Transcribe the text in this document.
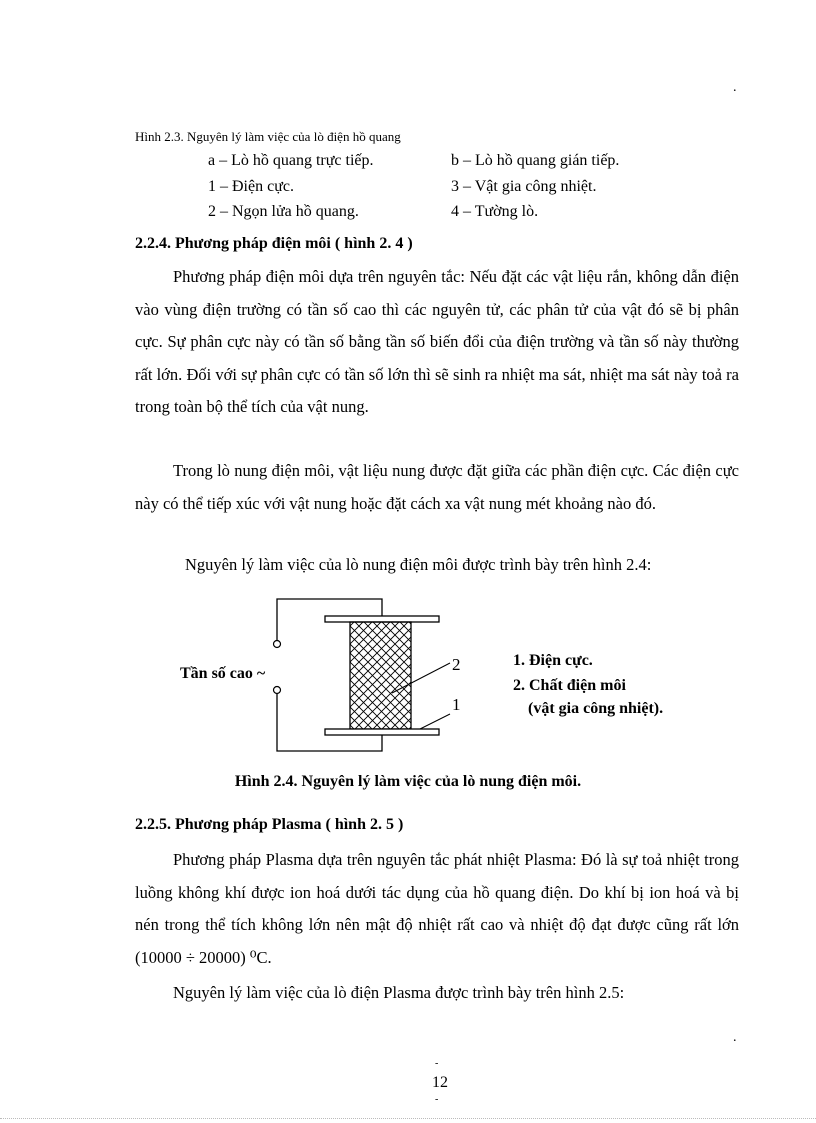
.
Hình 2.3. Nguyên lý làm việc của lò điện hồ quang
a – Lò hồ quang trực tiếp.	b – Lò hồ quang gián tiếp.
1 – Điện cực.	3 – Vật gia công nhiệt.
2 – Ngọn lửa hồ quang.	4 – Tường lò.
2.2.4. Phương pháp điện môi ( hình 2. 4 )

Phương pháp điện môi dựa trên nguyên tắc: Nếu đặt các vật liệu rắn, không dẫn điện vào vùng điện trường có tần số cao thì các nguyên tử, các phân tử của vật đó sẽ bị phân cực. Sự phân cực này có tần số bằng tần số biến đổi của điện trường và tần số này thường rất lớn. Đối với sự phân cực có tần số lớn thì sẽ sinh ra nhiệt ma sát, nhiệt ma sát này toả ra trong toàn bộ thể tích của vật nung.

Trong lò nung điện môi, vật liệu nung được đặt giữa các phần điện cực. Các điện cực này có thể tiếp xúc với vật nung hoặc đặt cách xa vật nung mét khoảng nào đó.

Nguyên lý làm việc của lò nung điện môi được trình bày trên hình 2.4:
Tần số cao ~	2
1
1. Điện cực.
2. Chất điện môi
(vật gia công nhiệt).
Hình 2.4. Nguyên lý làm việc của lò nung điện môi.
2.2.5. Phương pháp Plasma ( hình 2. 5 )

Phương pháp Plasma dựa trên nguyên tắc phát nhiệt Plasma: Đó là sự toả nhiệt trong luồng không khí được ion hoá dưới tác dụng của hồ quang điện. Do khí bị ion hoá và bị nén trong thể tích không lớn nên mật độ nhiệt rất cao và nhiệt độ đạt được cũng rất lớn (10000 ÷ 20000) ⁰C.

Nguyên lý làm việc của lò điện Plasma được trình bày trên hình 2.5:
.
-
12
-
